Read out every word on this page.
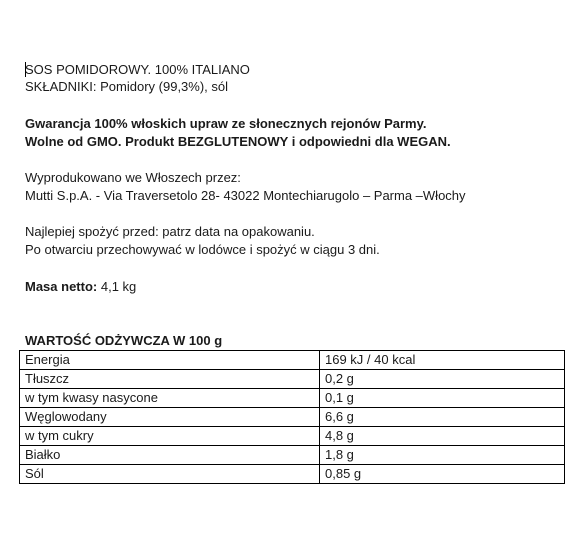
SOS POMIDOROWY. 100% ITALIANO
SKŁADNIKI: Pomidory (99,3%), sól
Gwarancja 100% włoskich upraw ze słonecznych rejonów Parmy.
Wolne od GMO. Produkt BEZGLUTENOWY i odpowiedni dla WEGAN.
Wyprodukowano we Włoszech przez:
Mutti S.p.A. - Via Traversetolo 28- 43022 Montechiarugolo – Parma –Włochy
Najlepiej spożyć przed: patrz data na opakowaniu.
Po otwarciu przechowywać w lodówce i spożyć w ciągu 3 dni.
Masa netto: 4,1 kg
WARTOŚĆ ODŻYWCZA W 100 g
Energia	169 kJ / 40 kcal
Tłuszcz	0,2 g
w tym kwasy nasycone	0,1 g
Węglowodany	6,6 g
w tym cukry	4,8 g
Białko	1,8 g
Sól	0,85 g
